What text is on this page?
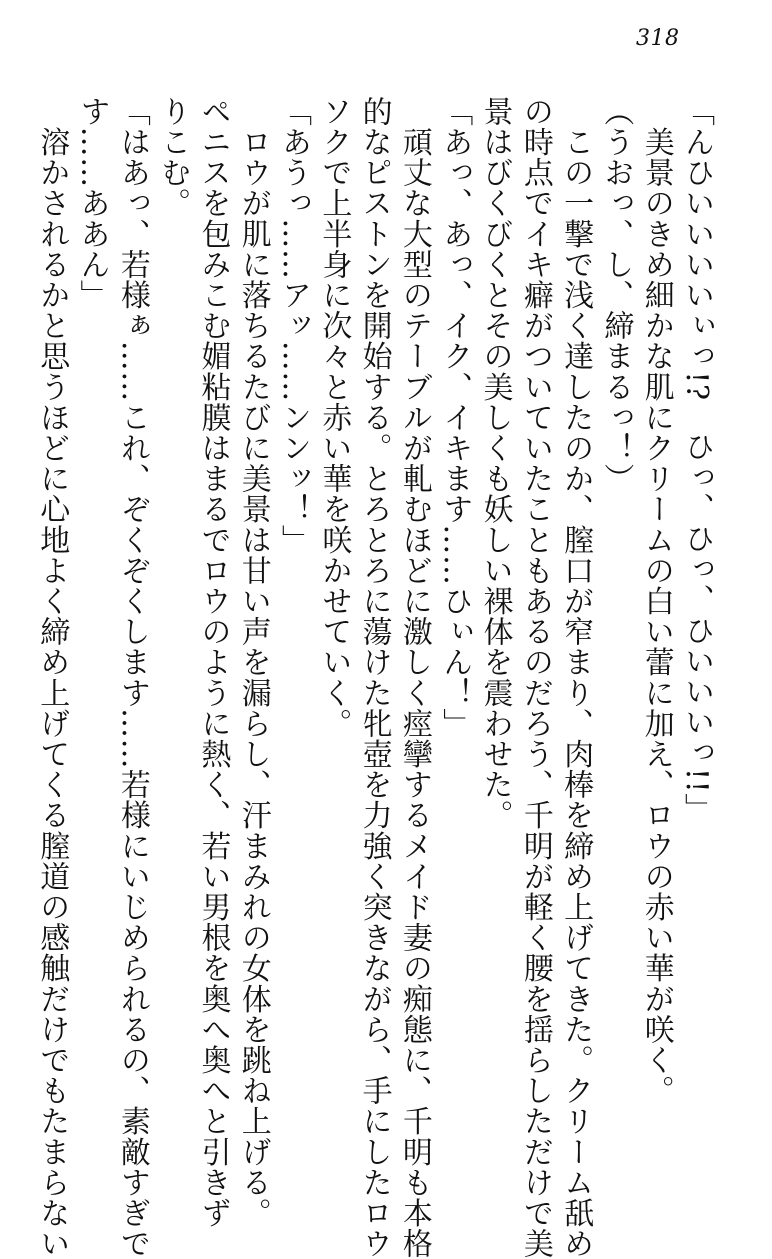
318
「んひいいいいぃっ!?　ひっ、ひっ、ひいいいっ!!」
　美景のきめ細かな肌にクリームの白い蕾に加え、ロウの赤い華が咲く。
（うおっ、し、締まるっ！）
　この一撃で浅く達したのか、膣口が窄まり、肉棒を締め上げてきた。クリーム舐め
の時点でイキ癖がついていたこともあるのだろう、千明が軽く腰を揺らしただけで美
景はびくびくとその美しくも妖しい裸体を震わせた。
「あっ、あっ、イク、イキます……ひぃん！」
　頑丈な大型のテーブルが軋むほどに激しく痙攣するメイド妻の痴態に、千明も本格
的なピストンを開始する。とろとろに蕩けた牝壺を力強く突きながら、手にしたロウ
ソクで上半身に次々と赤い華を咲かせていく。
「あうっ……アッ……ンンッ！」
　ロウが肌に落ちるたびに美景は甘い声を漏らし、汗まみれの女体を跳ね上げる。
ペニスを包みこむ媚粘膜はまるでロウのように熱く、若い男根を奥へ奥へと引きず
りこむ。
「はあっ、若様ぁ……これ、ぞくぞくします……若様にいじめられるの、素敵すぎで
す……ああん」
　溶かされるかと思うほどに心地よく締め上げてくる膣道の感触だけでもたまらない
